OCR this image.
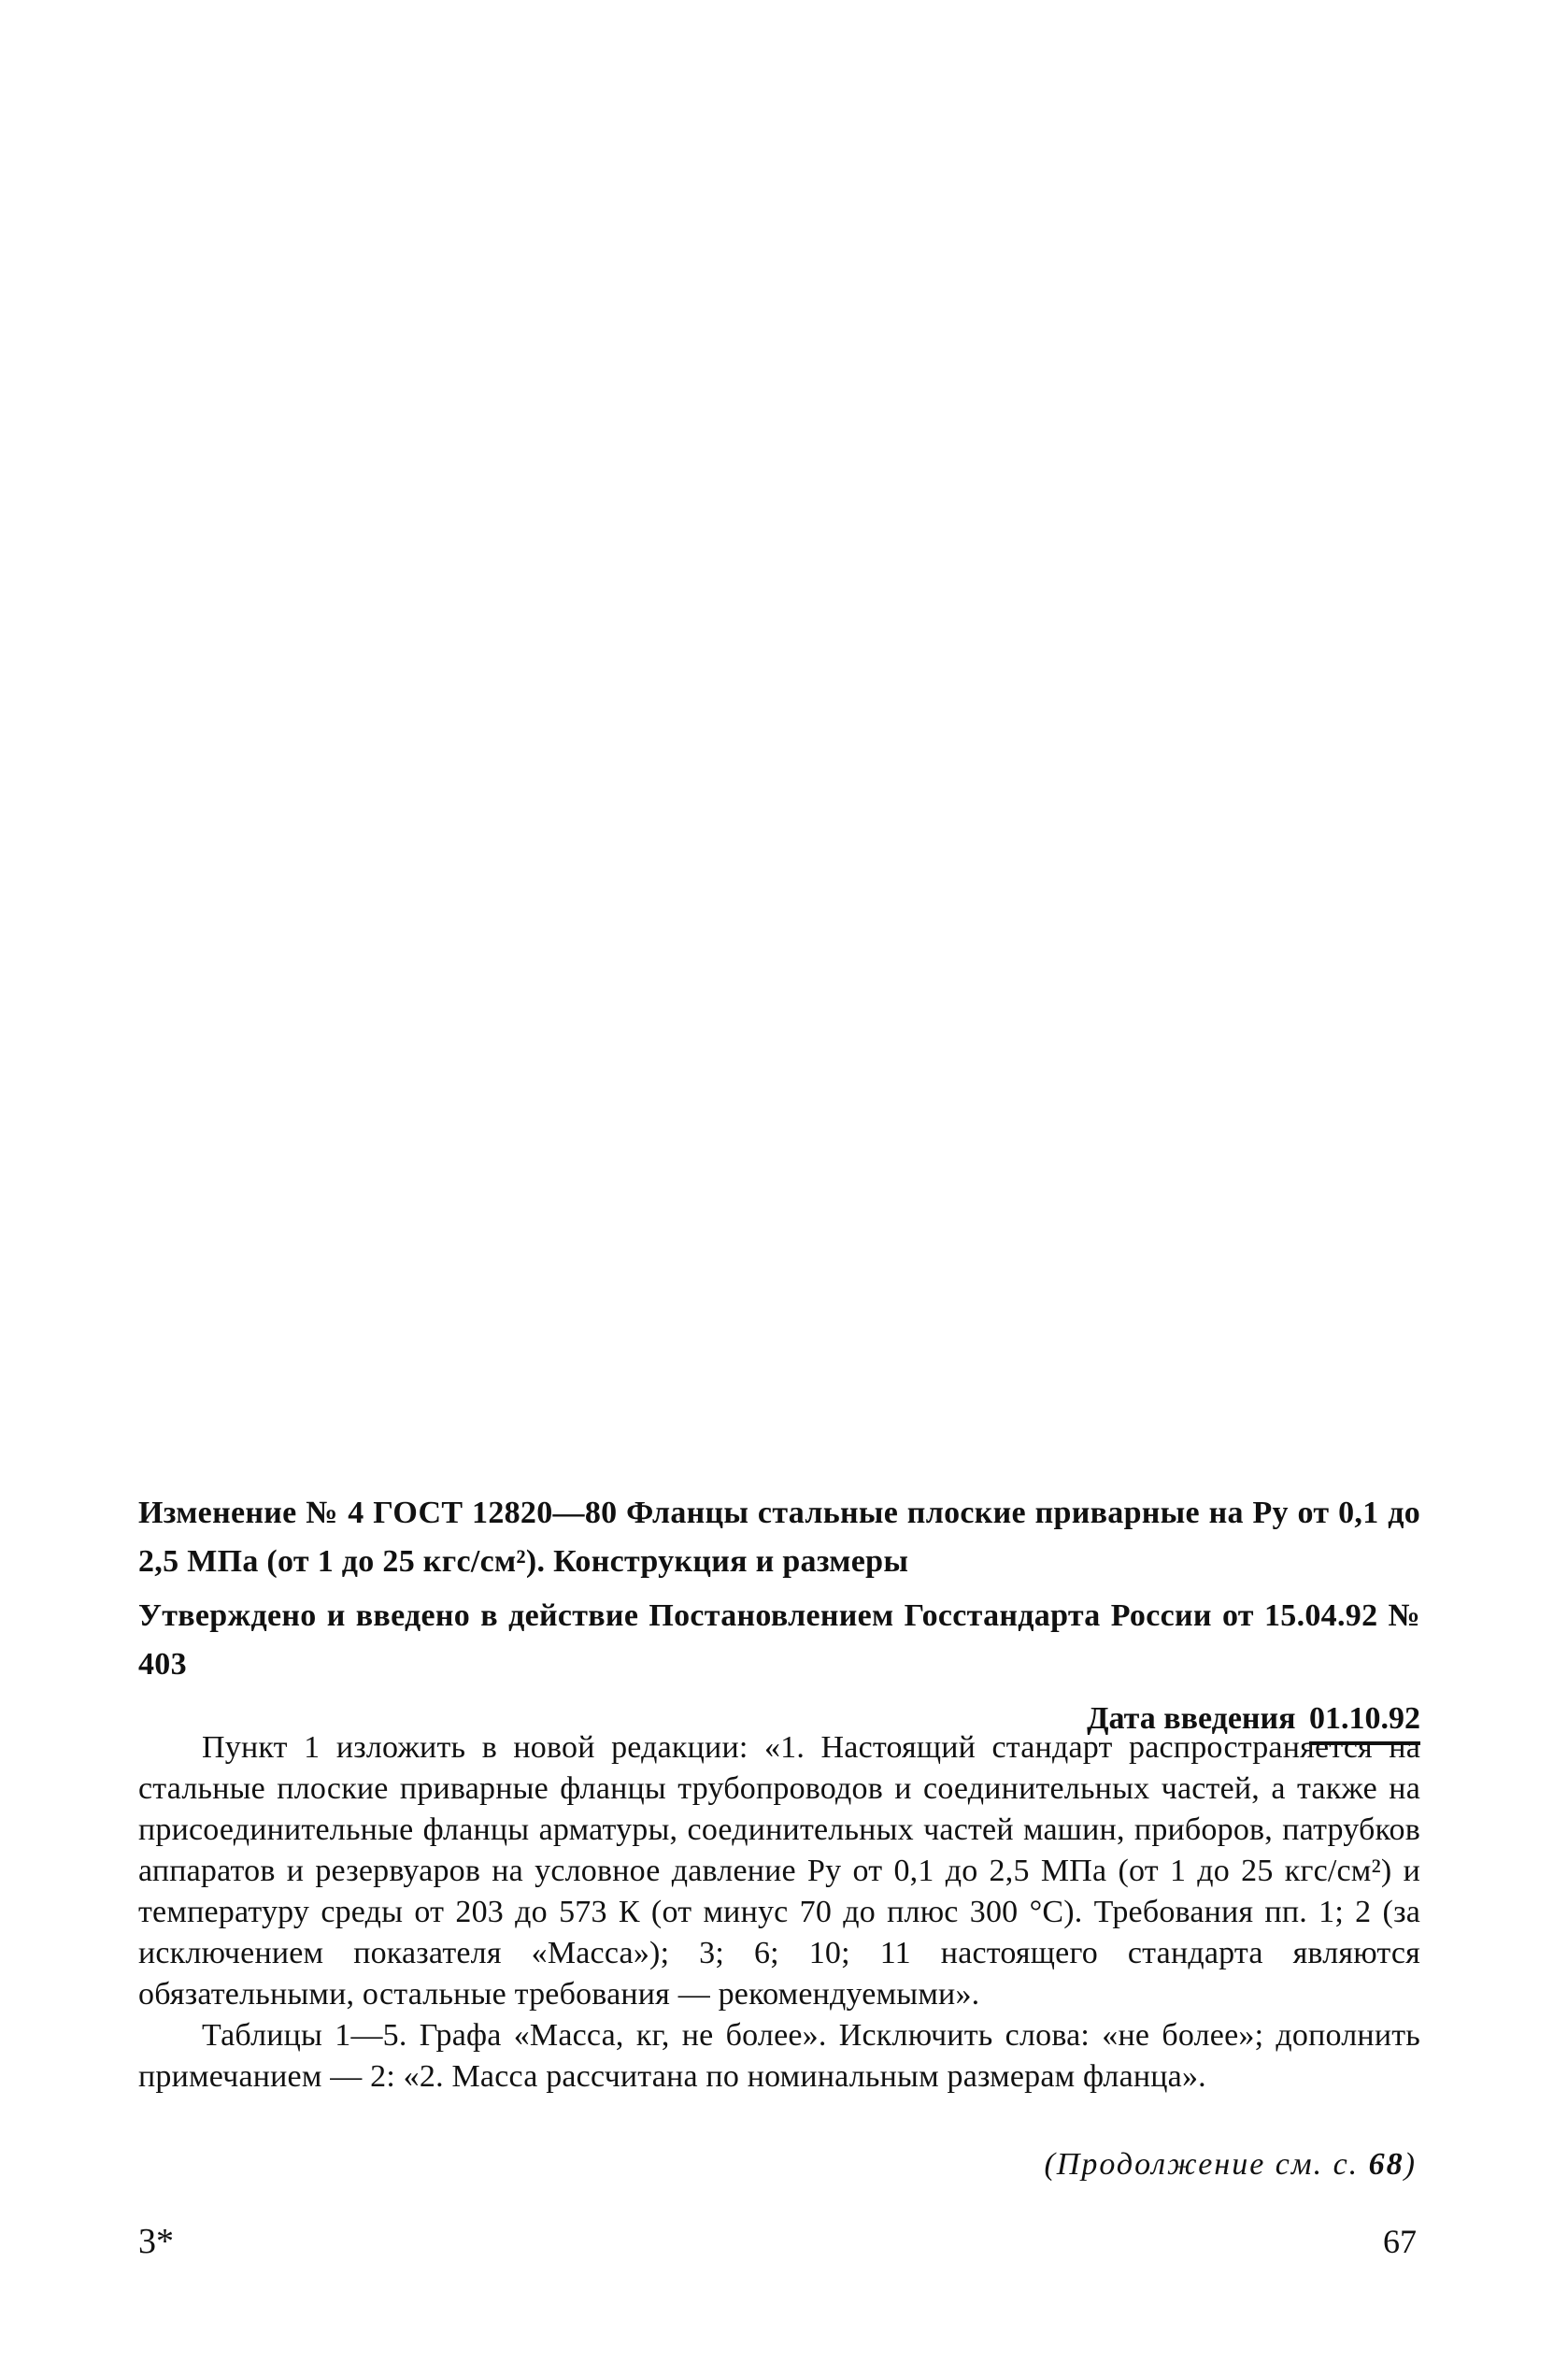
Изменение № 4 ГОСТ 12820—80 Фланцы стальные плоские приварные на Pу от 0,1 до 2,5 МПа (от 1 до 25 кгс/см²). Конструкция и размеры

Утверждено и введено в действие Постановлением Госстандарта России от 15.04.92 № 403

Дата введения 01.10.92

Пункт 1 изложить в новой редакции: «1. Настоящий стандарт распространяется на стальные плоские приварные фланцы трубопроводов и соединительных частей, а также на присоединительные фланцы арматуры, соединительных частей машин, приборов, патрубков аппаратов и резервуаров на условное давление Pу от 0,1 до 2,5 МПа (от 1 до 25 кгс/см²) и температуру среды от 203 до 573 К (от минус 70 до плюс 300 °С). Требования пп. 1; 2 (за исключением показателя «Масса»); 3; 6; 10; 11 настоящего стандарта являются обязательными, остальные требования — рекомендуемыми».

Таблицы 1—5. Графа «Масса, кг, не более». Исключить слова: «не более»; дополнить примечанием — 2: «2. Масса рассчитана по номинальным размерам фланца».

(Продолжение см. с. 68)
3*	67
